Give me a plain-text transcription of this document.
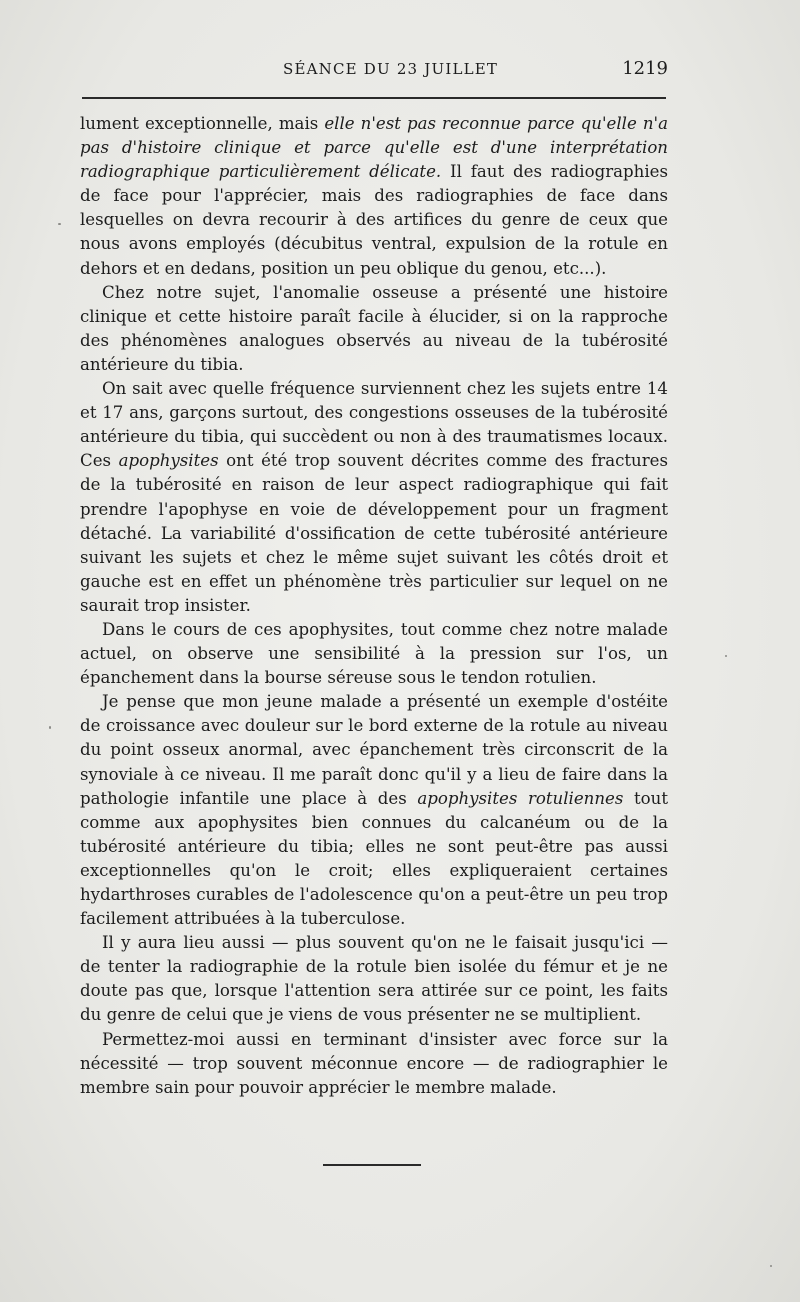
SÉANCE DU 23 JUILLET	1219

lument exceptionnelle, mais elle n'est pas reconnue parce qu'elle n'a pas d'histoire clinique et parce qu'elle est d'une interprétation radiographique particulièrement délicate. Il faut des radiographies de face pour l'apprécier, mais des radiographies de face dans lesquelles on devra recourir à des artifices du genre de ceux que nous avons employés (décubitus ventral, expulsion de la rotule en dehors et en dedans, position un peu oblique du genou, etc...).

Chez notre sujet, l'anomalie osseuse a présenté une histoire clinique et cette histoire paraît facile à élucider, si on la rapproche des phénomènes analogues observés au niveau de la tubérosité antérieure du tibia.

On sait avec quelle fréquence surviennent chez les sujets entre 14 et 17 ans, garçons surtout, des congestions osseuses de la tubérosité antérieure du tibia, qui succèdent ou non à des traumatismes locaux. Ces apophysites ont été trop souvent décrites comme des fractures de la tubérosité en raison de leur aspect radiographique qui fait prendre l'apophyse en voie de développement pour un fragment détaché. La variabilité d'ossification de cette tubérosité antérieure suivant les sujets et chez le même sujet suivant les côtés droit et gauche est en effet un phénomène très particulier sur lequel on ne saurait trop insister.

Dans le cours de ces apophysites, tout comme chez notre malade actuel, on observe une sensibilité à la pression sur l'os, un épanchement dans la bourse séreuse sous le tendon rotulien.

Je pense que mon jeune malade a présenté un exemple d'ostéite de croissance avec douleur sur le bord externe de la rotule au niveau du point osseux anormal, avec épanchement très circonscrit de la synoviale à ce niveau. Il me paraît donc qu'il y a lieu de faire dans la pathologie infantile une place à des apophysites rotuliennes tout comme aux apophysites bien connues du calcanéum ou de la tubérosité antérieure du tibia; elles ne sont peut-être pas aussi exceptionnelles qu'on le croit; elles expliqueraient certaines hydarthroses curables de l'adolescence qu'on a peut-être un peu trop facilement attribuées à la tuberculose.

Il y aura lieu aussi — plus souvent qu'on ne le faisait jusqu'ici — de tenter la radiographie de la rotule bien isolée du fémur et je ne doute pas que, lorsque l'attention sera attirée sur ce point, les faits du genre de celui que je viens de vous présenter ne se multiplient.

Permettez-moi aussi en terminant d'insister avec force sur la nécessité — trop souvent méconnue encore — de radiographier le membre sain pour pouvoir apprécier le membre malade.
